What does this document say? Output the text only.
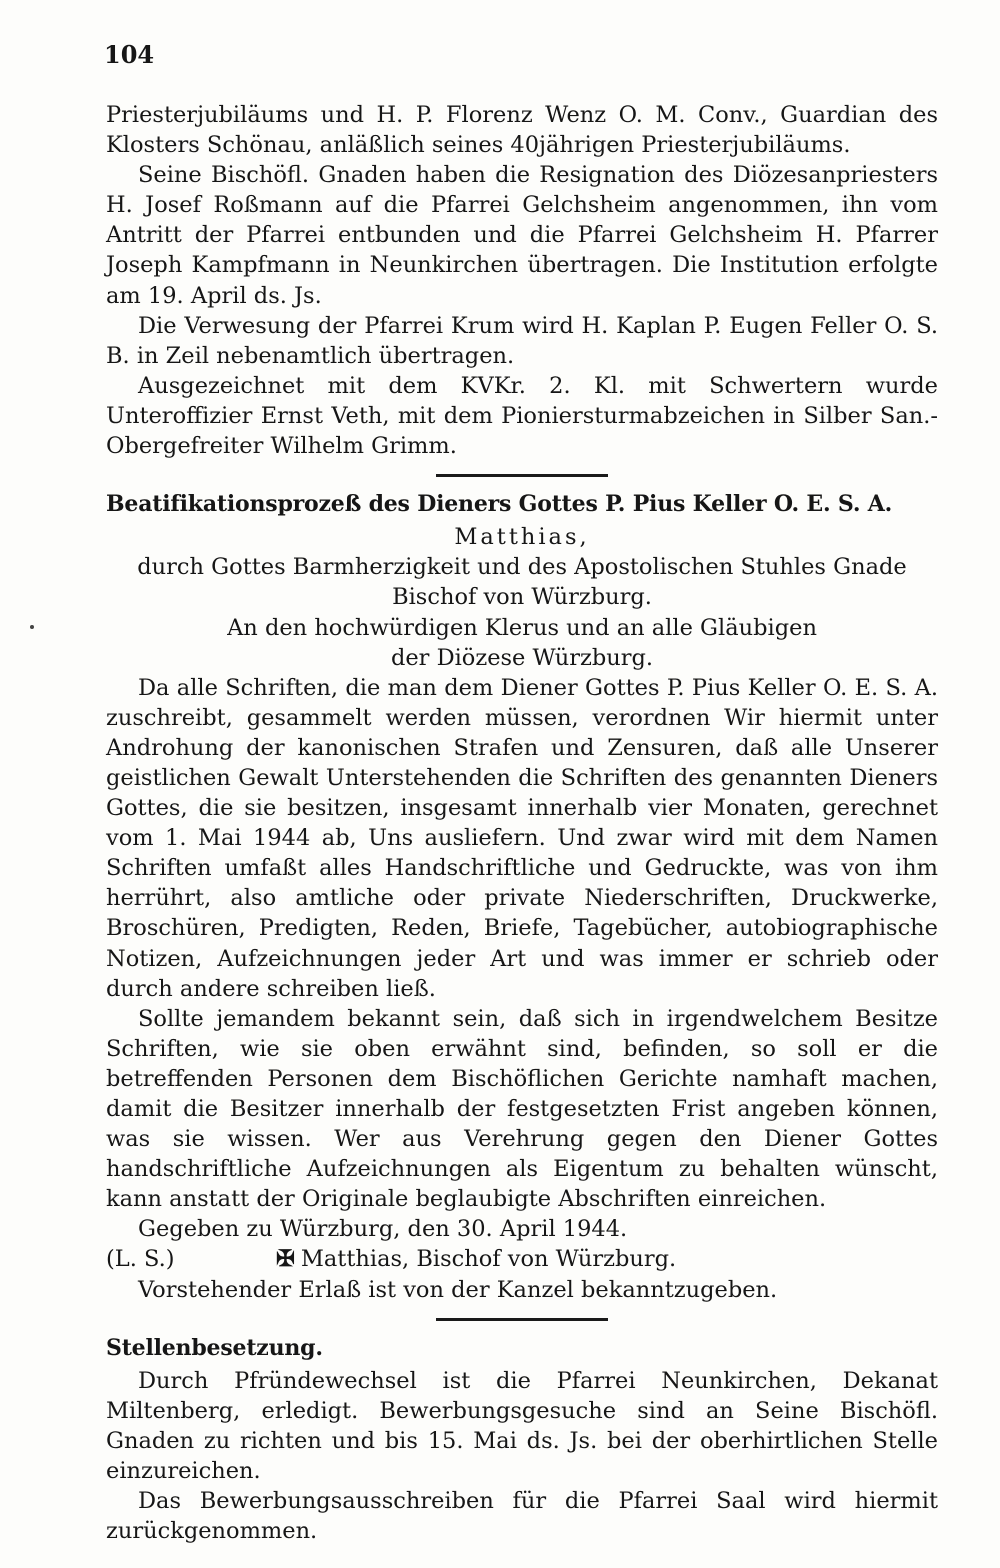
104

Priesterjubiläums und H. P. Florenz Wenz O. M. Conv., Guardian des Klosters Schönau, anläßlich seines 40jährigen Priesterjubiläums.

Seine Bischöfl. Gnaden haben die Resignation des Diözesanpriesters H. Josef Roßmann auf die Pfarrei Gelchsheim angenommen, ihn vom Antritt der Pfarrei entbunden und die Pfarrei Gelchsheim H. Pfarrer Joseph Kampfmann in Neunkirchen übertragen. Die Institution erfolgte am 19. April ds. Js.

Die Verwesung der Pfarrei Krum wird H. Kaplan P. Eugen Feller O. S. B. in Zeil nebenamtlich übertragen.

Ausgezeichnet mit dem KVKr. 2. Kl. mit Schwertern wurde Unteroffizier Ernst Veth, mit dem Pioniersturmabzeichen in Silber San.-Obergefreiter Wilhelm Grimm.

Beatifikationsprozeß des Dieners Gottes P. Pius Keller O. E. S. A.

Matthias,

durch Gottes Barmherzigkeit und des Apostolischen Stuhles Gnade

Bischof von Würzburg.

An den hochwürdigen Klerus und an alle Gläubigen

der Diözese Würzburg.

Da alle Schriften, die man dem Diener Gottes P. Pius Keller O. E. S. A. zuschreibt, gesammelt werden müssen, verordnen Wir hiermit unter Androhung der kanonischen Strafen und Zensuren, daß alle Unserer geistlichen Gewalt Unterstehenden die Schriften des genannten Dieners Gottes, die sie besitzen, insgesamt innerhalb vier Monaten, gerechnet vom 1. Mai 1944 ab, Uns ausliefern. Und zwar wird mit dem Namen Schriften umfaßt alles Handschriftliche und Gedruckte, was von ihm herrührt, also amtliche oder private Niederschriften, Druckwerke, Broschüren, Predigten, Reden, Briefe, Tagebücher, autobiographische Notizen, Aufzeichnungen jeder Art und was immer er schrieb oder durch andere schreiben ließ.

Sollte jemandem bekannt sein, daß sich in irgendwelchem Besitze Schriften, wie sie oben erwähnt sind, befinden, so soll er die betreffenden Personen dem Bischöflichen Gerichte namhaft machen, damit die Besitzer innerhalb der festgesetzten Frist angeben können, was sie wissen. Wer aus Verehrung gegen den Diener Gottes handschriftliche Aufzeichnungen als Eigentum zu behalten wünscht, kann anstatt der Originale beglaubigte Abschriften einreichen.

Gegeben zu Würzburg, den 30. April 1944.

(L. S.)	✠ Matthias, Bischof von Würzburg.

Vorstehender Erlaß ist von der Kanzel bekanntzugeben.

Stellenbesetzung.

Durch Pfründewechsel ist die Pfarrei Neunkirchen, Dekanat Miltenberg, erledigt. Bewerbungsgesuche sind an Seine Bischöfl. Gnaden zu richten und bis 15. Mai ds. Js. bei der oberhirtlichen Stelle einzureichen.

Das Bewerbungsausschreiben für die Pfarrei Saal wird hiermit zurückgenommen.
